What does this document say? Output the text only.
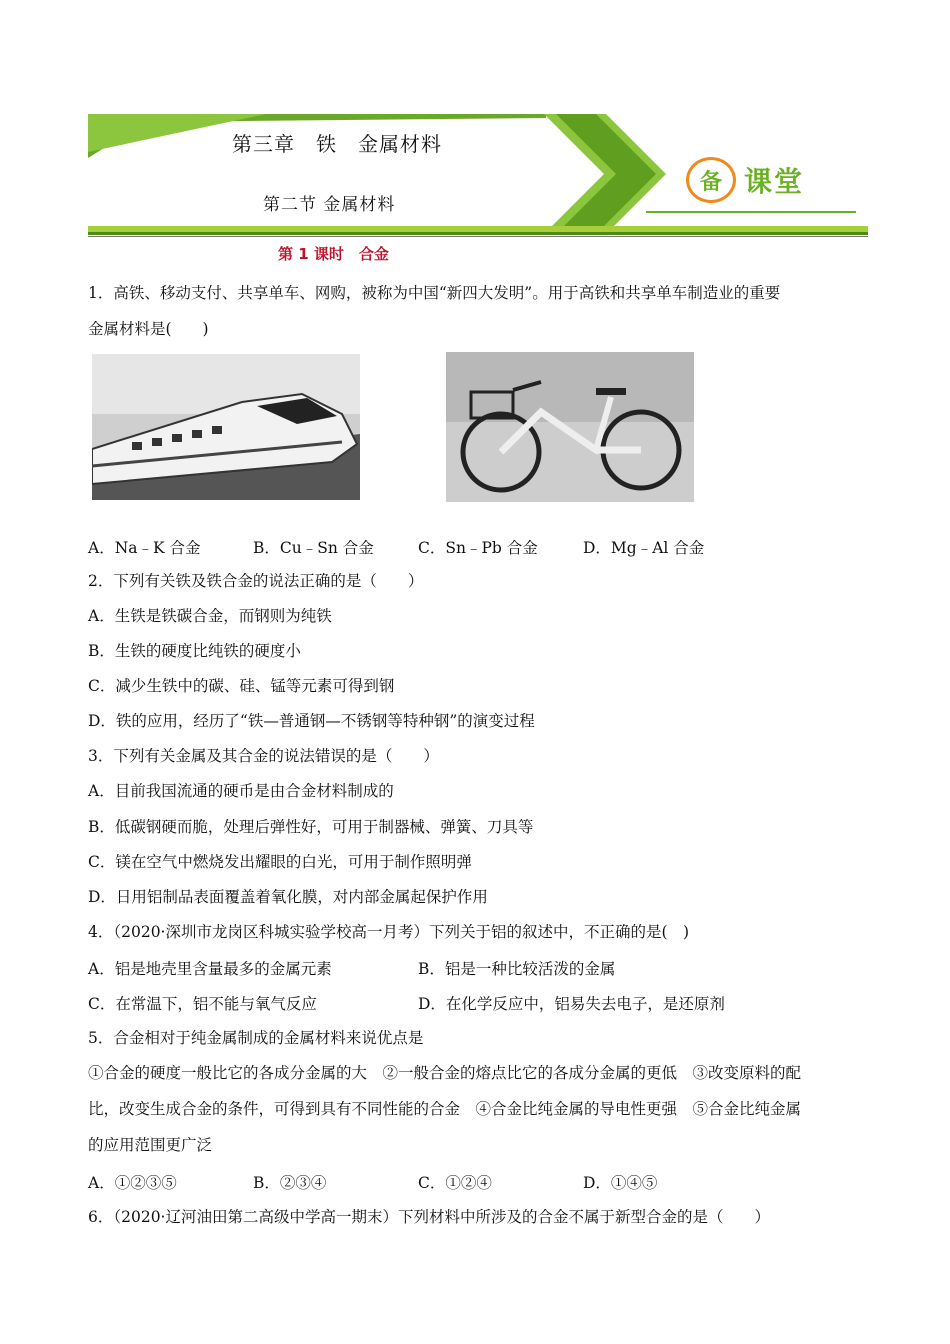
第三章　铁　金属材料
第二节 金属材料
备 课堂
第 1 课时　合金
1．高铁、移动支付、共享单车、网购，被称为中国“新四大发明”。用于高铁和共享单车制造业的重要
金属材料是(　　)
A．Na﹣K 合金	B．Cu﹣Sn 合金	C．Sn﹣Pb 合金	D．Mg﹣Al 合金
2．下列有关铁及铁合金的说法正确的是（　　）
A．生铁是铁碳合金，而钢则为纯铁
B．生铁的硬度比纯铁的硬度小
C．减少生铁中的碳、硅、锰等元素可得到钢
D．铁的应用，经历了“铁—普通钢—不锈钢等特种钢”的演变过程
3．下列有关金属及其合金的说法错误的是（　　）
A．目前我国流通的硬币是由合金材料制成的
B．低碳钢硬而脆，处理后弹性好，可用于制器械、弹簧、刀具等
C．镁在空气中燃烧发出耀眼的白光，可用于制作照明弹
D．日用铝制品表面覆盖着氧化膜，对内部金属起保护作用
4．（2020·深圳市龙岗区科城实验学校高一月考）下列关于铝的叙述中，不正确的是(　)
A．铝是地壳里含量最多的金属元素	B．铝是一种比较活泼的金属
C．在常温下，铝不能与氧气反应	D．在化学反应中，铝易失去电子，是还原剂
5．合金相对于纯金属制成的金属材料来说优点是
①合金的硬度一般比它的各成分金属的大　②一般合金的熔点比它的各成分金属的更低　③改变原料的配
比，改变生成合金的条件，可得到具有不同性能的合金　④合金比纯金属的导电性更强　⑤合金比纯金属
的应用范围更广泛
A．①②③⑤	B．②③④	C．①②④	D．①④⑤
6．（2020·辽河油田第二高级中学高一期末）下列材料中所涉及的合金不属于新型合金的是（　　）
